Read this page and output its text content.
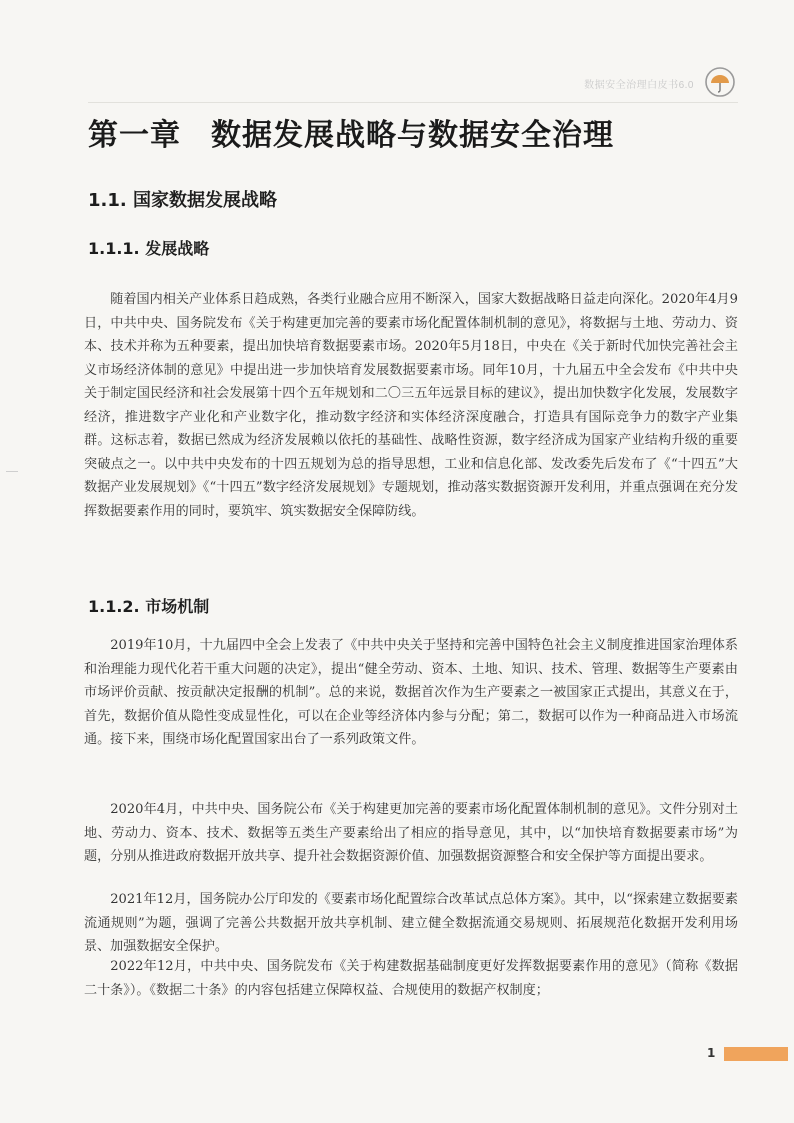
数据安全治理白皮书6.0
第一章 数据发展战略与数据安全治理
1.1. 国家数据发展战略
1.1.1. 发展战略

随着国内相关产业体系日趋成熟，各类行业融合应用不断深入，国家大数据战略日益走向深化。2020年4月9日，中共中央、国务院发布《关于构建更加完善的要素市场化配置体制机制的意见》，将数据与土地、劳动力、资本、技术并称为五种要素，提出加快培育数据要素市场。2020年5月18日，中央在《关于新时代加快完善社会主义市场经济体制的意见》中提出进一步加快培育发展数据要素市场。同年10月，十九届五中全会发布《中共中央关于制定国民经济和社会发展第十四个五年规划和二〇三五年远景目标的建议》，提出加快数字化发展，发展数字经济，推进数字产业化和产业数字化，推动数字经济和实体经济深度融合，打造具有国际竞争力的数字产业集群。这标志着，数据已然成为经济发展赖以依托的基础性、战略性资源，数字经济成为国家产业结构升级的重要突破点之一。以中共中央发布的十四五规划为总的指导思想，工业和信息化部、发改委先后发布了《“十四五”大数据产业发展规划》《“十四五”数字经济发展规划》专题规划，推动落实数据资源开发利用，并重点强调在充分发挥数据要素作用的同时，要筑牢、筑实数据安全保障防线。

1.1.2. 市场机制

2019年10月，十九届四中全会上发表了《中共中央关于坚持和完善中国特色社会主义制度推进国家治理体系和治理能力现代化若干重大问题的决定》，提出“健全劳动、资本、土地、知识、技术、管理、数据等生产要素由市场评价贡献、按贡献决定报酬的机制”。总的来说，数据首次作为生产要素之一被国家正式提出，其意义在于，首先，数据价值从隐性变成显性化，可以在企业等经济体内参与分配；第二，数据可以作为一种商品进入市场流通。接下来，围绕市场化配置国家出台了一系列政策文件。

2020年4月，中共中央、国务院公布《关于构建更加完善的要素市场化配置体制机制的意见》。文件分别对土地、劳动力、资本、技术、数据等五类生产要素给出了相应的指导意见，其中，以“加快培育数据要素市场”为题，分别从推进政府数据开放共享、提升社会数据资源价值、加强数据资源整合和安全保护等方面提出要求。

2021年12月，国务院办公厅印发的《要素市场化配置综合改革试点总体方案》。其中，以“探索建立数据要素流通规则”为题，强调了完善公共数据开放共享机制、建立健全数据流通交易规则、拓展规范化数据开发利用场景、加强数据安全保护。

2022年12月，中共中央、国务院发布《关于构建数据基础制度更好发挥数据要素作用的意见》（简称《数据二十条》）。《数据二十条》的内容包括建立保障权益、合规使用的数据产权制度；

1
